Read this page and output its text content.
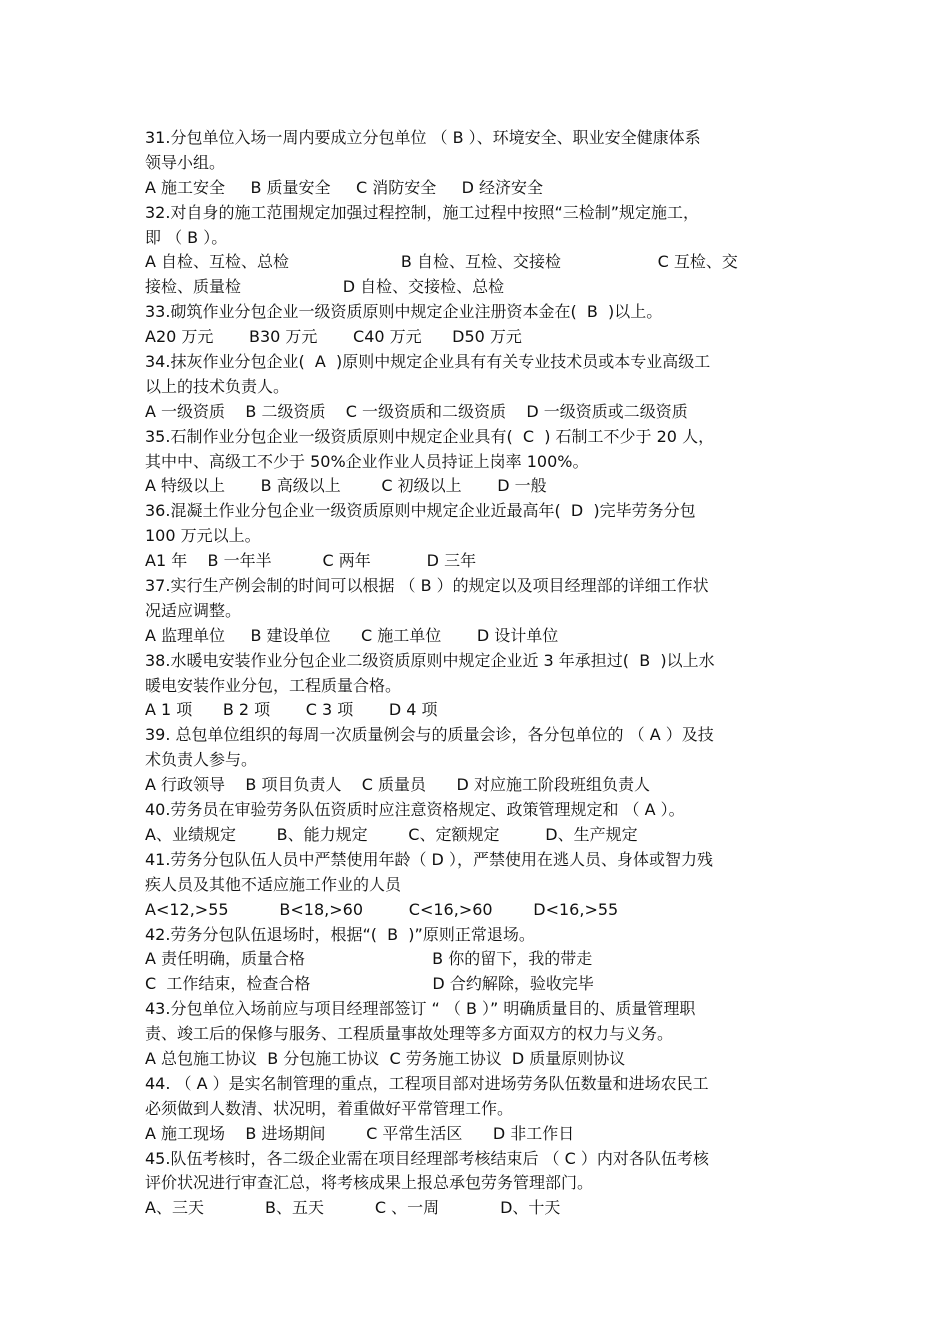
31.分包单位入场一周内要成立分包单位 （ B ）、环境安全、职业安全健康体系
领导小组。
A 施工安全     B 质量安全     C 消防安全     D 经济安全
32.对自身的施工范围规定加强过程控制，施工过程中按照“三检制”规定施工，
即 （ B ）。
A 自检、互检、总检                      B 自检、互检、交接检                   C 互检、交
接检、质量检                    D 自检、交接检、总检
33.砌筑作业分包企业一级资质原则中规定企业注册资本金在(  B  )以上。
A20 万元       B30 万元       C40 万元      D50 万元
34.抹灰作业分包企业(  A  )原则中规定企业具有有关专业技术员或本专业高级工
以上的技术负责人。
A 一级资质    B 二级资质    C 一级资质和二级资质    D 一级资质或二级资质
35.石制作业分包企业一级资质原则中规定企业具有(  C  ) 石制工不少于 20 人，
其中中、高级工不少于 50%企业作业人员持证上岗率 100%。
A 特级以上       B 高级以上        C 初级以上       D 一般
36.混凝土作业分包企业一级资质原则中规定企业近最高年(  D  )完毕劳务分包
100 万元以上。
A1 年    B 一年半          C 两年           D 三年
37.实行生产例会制的时间可以根据 （ B ）的规定以及项目经理部的详细工作状
况适应调整。
A 监理单位     B 建设单位      C 施工单位       D 设计单位
38.水暖电安装作业分包企业二级资质原则中规定企业近 3 年承担过(  B  )以上水
暖电安装作业分包，工程质量合格。
A 1 项      B 2 项       C 3 项       D 4 项
39. 总包单位组织的每周一次质量例会与的质量会诊，各分包单位的 （ A ）及技
术负责人参与。
A 行政领导    B 项目负责人    C 质量员      D 对应施工阶段班组负责人
40.劳务员在审验劳务队伍资质时应注意资格规定、政策管理规定和 （ A ）。
A、业绩规定        B、能力规定        C、定额规定         D、生产规定
41.劳务分包队伍人员中严禁使用年龄（ D ），严禁使用在逃人员、身体或智力残
疾人员及其他不适应施工作业的人员
A<12,>55          B<18,>60         C<16,>60        D<16,>55
42.劳务分包队伍退场时，根据“(  B  )”原则正常退场。
A 责任明确，质量合格                         B 你的留下，我的带走
C  工作结束，检查合格                        D 合约解除，验收完毕
43.分包单位入场前应与项目经理部签订 “ （ B ）” 明确质量目的、质量管理职
责、竣工后的保修与服务、工程质量事故处理等多方面双方的权力与义务。
A 总包施工协议  B 分包施工协议  C 劳务施工协议  D 质量原则协议
44. （ A ）是实名制管理的重点，工程项目部对进场劳务队伍数量和进场农民工
必须做到人数清、状况明，着重做好平常管理工作。
A 施工现场    B 进场期间        C 平常生活区      D 非工作日
45.队伍考核时，各二级企业需在项目经理部考核结束后 （ C ）内对各队伍考核
评价状况进行审查汇总，将考核成果上报总承包劳务管理部门。
A、三天            B、五天          C 、一周            D、十天
